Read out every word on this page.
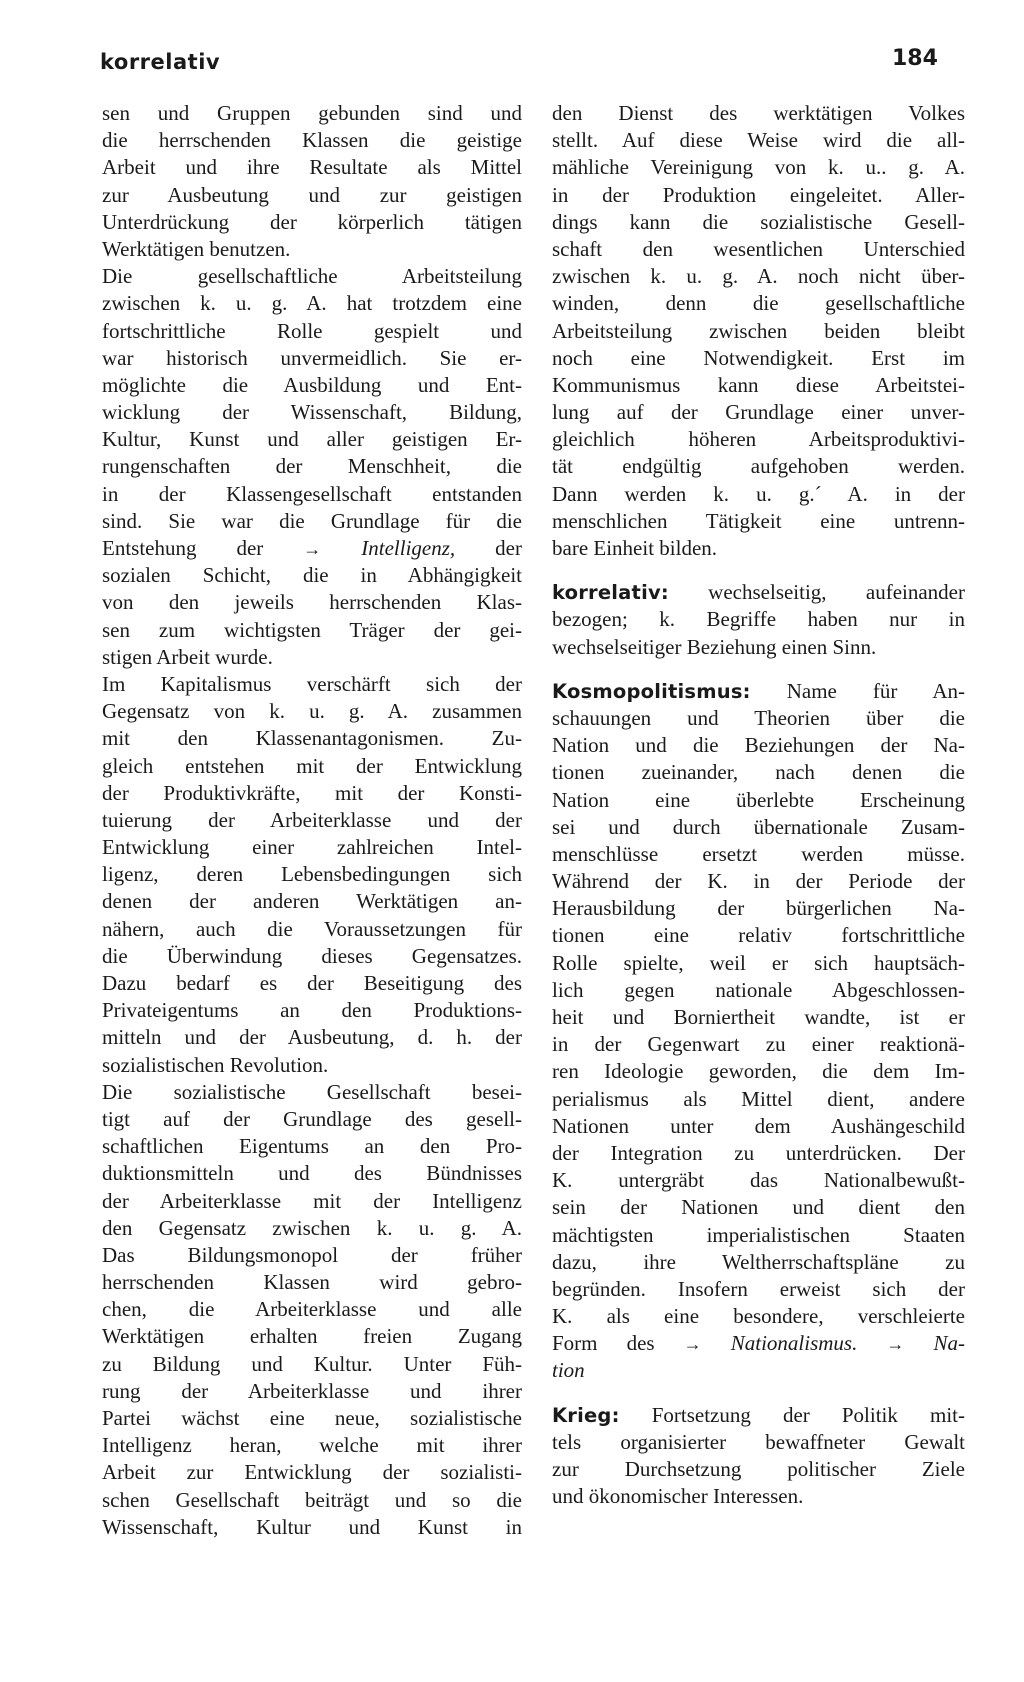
korrelativ	184
sen und Gruppen gebunden sind und
die herrschenden Klassen die geistige
Arbeit und ihre Resultate als Mittel
zur Ausbeutung und zur geistigen
Unterdrückung der körperlich tätigen
Werktätigen benutzen.
Die gesellschaftliche Arbeitsteilung
zwischen k. u. g. A. hat trotzdem eine
fortschrittliche Rolle gespielt und
war historisch unvermeidlich. Sie er-
möglichte die Ausbildung und Ent-
wicklung der Wissenschaft, Bildung,
Kultur, Kunst und aller geistigen Er-
rungenschaften der Menschheit, die
in der Klassengesellschaft entstanden
sind. Sie war die Grundlage für die
Entstehung der → Intelligenz, der
sozialen Schicht, die in Abhängigkeit
von den jeweils herrschenden Klas-
sen zum wichtigsten Träger der gei-
stigen Arbeit wurde.
Im Kapitalismus verschärft sich der
Gegensatz von k. u. g. A. zusammen
mit den Klassenantagonismen. Zu-
gleich entstehen mit der Entwicklung
der Produktivkräfte, mit der Konsti-
tuierung der Arbeiterklasse und der
Entwicklung einer zahlreichen Intel-
ligenz, deren Lebensbedingungen sich
denen der anderen Werktätigen an-
nähern, auch die Voraussetzungen für
die Überwindung dieses Gegensatzes.
Dazu bedarf es der Beseitigung des
Privateigentums an den Produktions-
mitteln und der Ausbeutung, d. h. der
sozialistischen Revolution.
Die sozialistische Gesellschaft besei-
tigt auf der Grundlage des gesell-
schaftlichen Eigentums an den Pro-
duktionsmitteln und des Bündnisses
der Arbeiterklasse mit der Intelligenz
den Gegensatz zwischen k. u. g. A.
Das Bildungsmonopol der früher
herrschenden Klassen wird gebro-
chen, die Arbeiterklasse und alle
Werktätigen erhalten freien Zugang
zu Bildung und Kultur. Unter Füh-
rung der Arbeiterklasse und ihrer
Partei wächst eine neue, sozialistische
Intelligenz heran, welche mit ihrer
Arbeit zur Entwicklung der sozialisti-
schen Gesellschaft beiträgt und so die
Wissenschaft, Kultur und Kunst in
den Dienst des werktätigen Volkes
stellt. Auf diese Weise wird die all-
mähliche Vereinigung von k. u.. g. A.
in der Produktion eingeleitet. Aller-
dings kann die sozialistische Gesell-
schaft den wesentlichen Unterschied
zwischen k. u. g. A. noch nicht über-
winden, denn die gesellschaftliche
Arbeitsteilung zwischen beiden bleibt
noch eine Notwendigkeit. Erst im
Kommunismus kann diese Arbeitstei-
lung auf der Grundlage einer unver-
gleichlich höheren Arbeitsproduktivi-
tät endgültig aufgehoben werden.
Dann werden k. u. g.´ A. in der
menschlichen Tätigkeit eine untrenn-
bare Einheit bilden.
korrelativ: wechselseitig, aufeinander
bezogen; k. Begriffe haben nur in
wechselseitiger Beziehung einen Sinn.
Kosmopolitismus: Name für An-
schauungen und Theorien über die
Nation und die Beziehungen der Na-
tionen zueinander, nach denen die
Nation eine überlebte Erscheinung
sei und durch übernationale Zusam-
menschlüsse ersetzt werden müsse.
Während der K. in der Periode der
Herausbildung der bürgerlichen Na-
tionen eine relativ fortschrittliche
Rolle spielte, weil er sich hauptsäch-
lich gegen nationale Abgeschlossen-
heit und Borniertheit wandte, ist er
in der Gegenwart zu einer reaktionä-
ren Ideologie geworden, die dem Im-
perialismus als Mittel dient, andere
Nationen unter dem Aushängeschild
der Integration zu unterdrücken. Der
K. untergräbt das Nationalbewußt-
sein der Nationen und dient den
mächtigsten imperialistischen Staaten
dazu, ihre Weltherrschaftspläne zu
begründen. Insofern erweist sich der
K. als eine besondere, verschleierte
Form des → Nationalismus. → Na-
tion
Krieg: Fortsetzung der Politik mit-
tels organisierter bewaffneter Gewalt
zur Durchsetzung politischer Ziele
und ökonomischer Interessen.
